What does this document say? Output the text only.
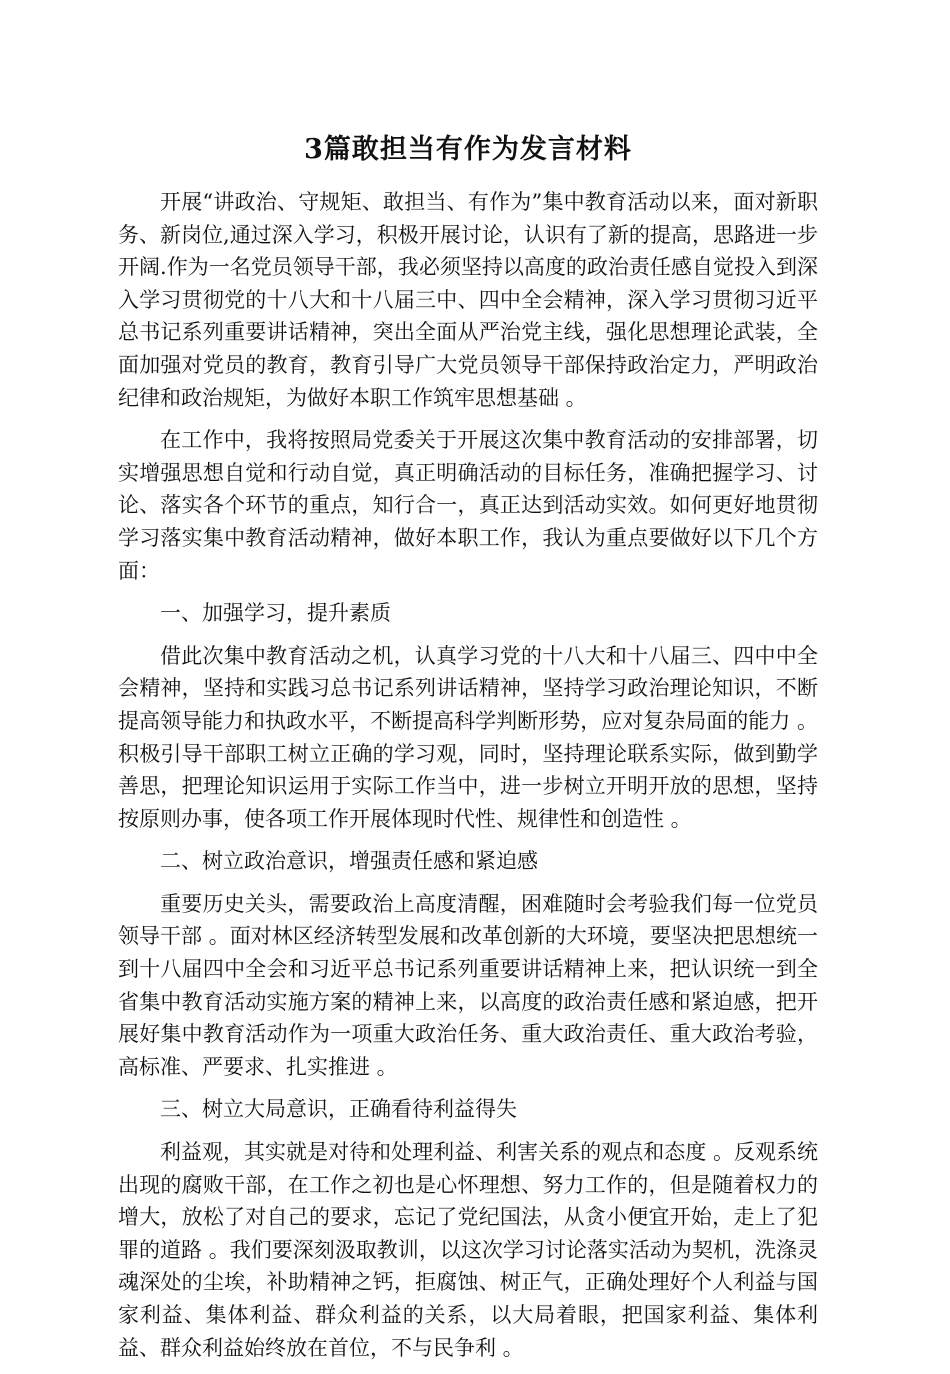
3篇敢担当有作为发言材料

开展“讲政治、守规矩、敢担当、有作为”集中教育活动以来，面对新职务、新岗位,通过深入学习，积极开展讨论，认识有了新的提高，思路进一步开阔.作为一名党员领导干部，我必须坚持以高度的政治责任感自觉投入到深入学习贯彻党的十八大和十八届三中、四中全会精神，深入学习贯彻习近平总书记系列重要讲话精神，突出全面从严治党主线，强化思想理论武装，全面加强对党员的教育，教育引导广大党员领导干部保持政治定力，严明政治纪律和政治规矩，为做好本职工作筑牢思想基础 。

在工作中，我将按照局党委关于开展这次集中教育活动的安排部署，切实增强思想自觉和行动自觉，真正明确活动的目标任务，准确把握学习、讨论、落实各个环节的重点，知行合一，真正达到活动实效。如何更好地贯彻学习落实集中教育活动精神，做好本职工作，我认为重点要做好以下几个方面：

一、加强学习，提升素质

借此次集中教育活动之机，认真学习党的十八大和十八届三、四中中全会精神，坚持和实践习总书记系列讲话精神，坚持学习政治理论知识，不断提高领导能力和执政水平，不断提高科学判断形势，应对复杂局面的能力 。积极引导干部职工树立正确的学习观，同时，坚持理论联系实际，做到勤学善思，把理论知识运用于实际工作当中，进一步树立开明开放的思想，坚持按原则办事，使各项工作开展体现时代性、规律性和创造性 。

二、树立政治意识，增强责任感和紧迫感

重要历史关头，需要政治上高度清醒，困难随时会考验我们每一位党员领导干部 。面对林区经济转型发展和改革创新的大环境，要坚决把思想统一到十八届四中全会和习近平总书记系列重要讲话精神上来，把认识统一到全省集中教育活动实施方案的精神上来，以高度的政治责任感和紧迫感，把开展好集中教育活动作为一项重大政治任务、重大政治责任、重大政治考验，高标准、严要求、扎实推进 。

三、树立大局意识，正确看待利益得失

利益观，其实就是对待和处理利益、利害关系的观点和态度 。反观系统出现的腐败干部，在工作之初也是心怀理想、努力工作的，但是随着权力的增大，放松了对自己的要求，忘记了党纪国法，从贪小便宜开始，走上了犯罪的道路 。我们要深刻汲取教训，以这次学习讨论落实活动为契机，洗涤灵魂深处的尘埃，补助精神之钙，拒腐蚀、树正气，正确处理好个人利益与国家利益、集体利益、群众利益的关系，以大局着眼，把国家利益、集体利益、群众利益始终放在首位，不与民争利 。
